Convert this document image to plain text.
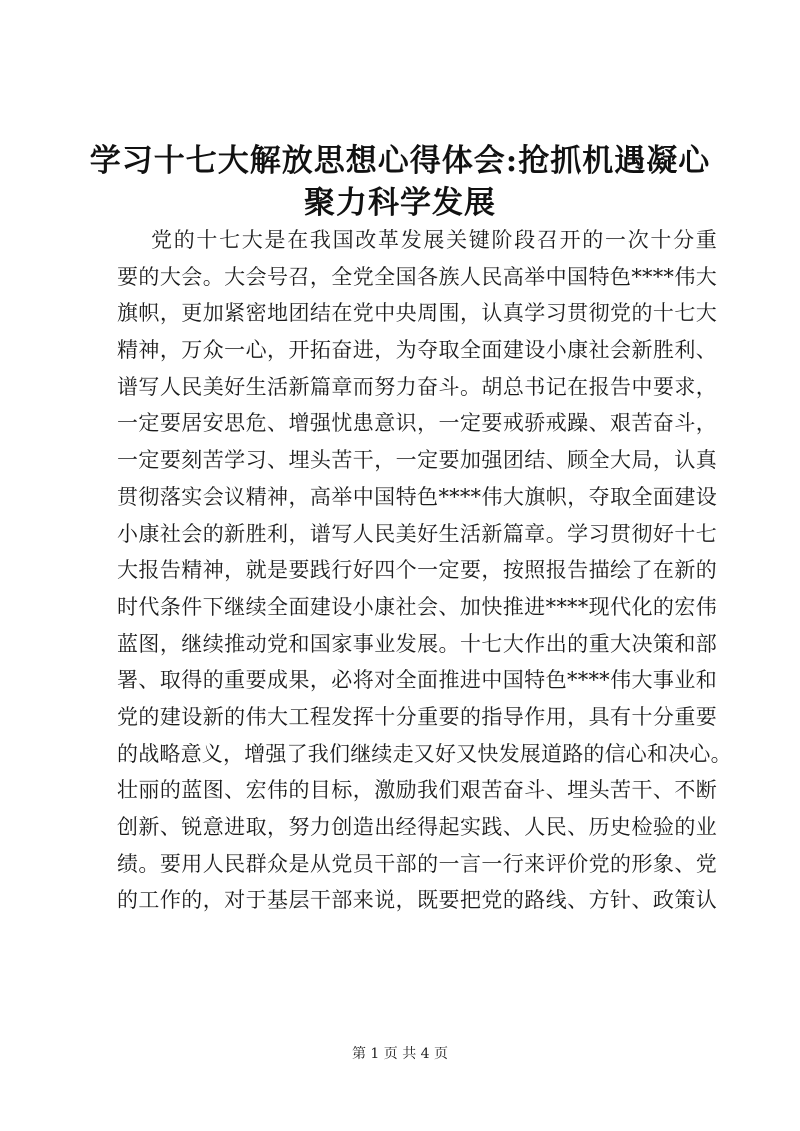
学习十七大解放思想心得体会:抢抓机遇凝心
聚力科学发展
党的十七大是在我国改革发展关键阶段召开的一次十分重
要的大会。大会号召，全党全国各族人民高举中国特色****伟大
旗帜，更加紧密地团结在党中央周围，认真学习贯彻党的十七大
精神，万众一心，开拓奋进，为夺取全面建设小康社会新胜利、
谱写人民美好生活新篇章而努力奋斗。胡总书记在报告中要求，
一定要居安思危、增强忧患意识，一定要戒骄戒躁、艰苦奋斗，
一定要刻苦学习、埋头苦干，一定要加强团结、顾全大局，认真
贯彻落实会议精神，高举中国特色****伟大旗帜，夺取全面建设
小康社会的新胜利，谱写人民美好生活新篇章。学习贯彻好十七
大报告精神，就是要践行好四个一定要，按照报告描绘了在新的
时代条件下继续全面建设小康社会、加快推进****现代化的宏伟
蓝图，继续推动党和国家事业发展。十七大作出的重大决策和部
署、取得的重要成果，必将对全面推进中国特色****伟大事业和
党的建设新的伟大工程发挥十分重要的指导作用，具有十分重要
的战略意义，增强了我们继续走又好又快发展道路的信心和决心。
壮丽的蓝图、宏伟的目标，激励我们艰苦奋斗、埋头苦干、不断
创新、锐意进取，努力创造出经得起实践、人民、历史检验的业
绩。要用人民群众是从党员干部的一言一行来评价党的形象、党
的工作的，对于基层干部来说，既要把党的路线、方针、政策认
第 1 页 共 4 页
